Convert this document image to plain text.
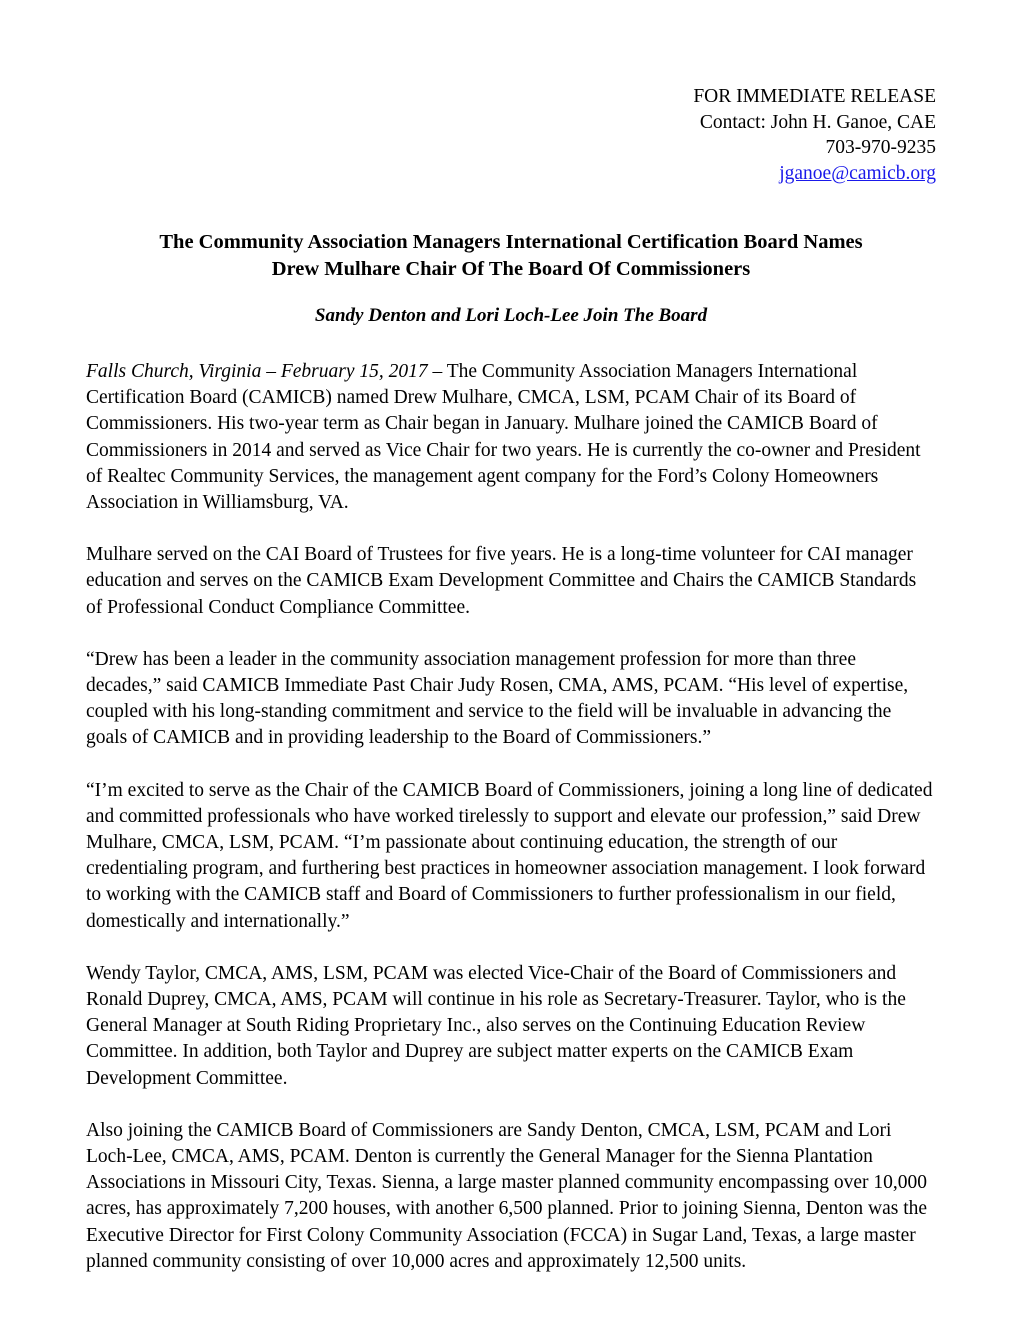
FOR IMMEDIATE RELEASE
Contact: John H. Ganoe, CAE
703-970-9235
jganoe@camicb.org
The Community Association Managers International Certification Board Names
Drew Mulhare Chair Of The Board Of Commissioners
Sandy Denton and Lori Loch-Lee Join The Board

Falls Church, Virginia – February 15, 2017 – The Community Association Managers International Certification Board (CAMICB) named Drew Mulhare, CMCA, LSM, PCAM Chair of its Board of Commissioners. His two-year term as Chair began in January. Mulhare joined the CAMICB Board of Commissioners in 2014 and served as Vice Chair for two years. He is currently the co-owner and President of Realtec Community Services, the management agent company for the Ford’s Colony Homeowners Association in Williamsburg, VA.

Mulhare served on the CAI Board of Trustees for five years. He is a long-time volunteer for CAI manager education and serves on the CAMICB Exam Development Committee and Chairs the CAMICB Standards of Professional Conduct Compliance Committee.

“Drew has been a leader in the community association management profession for more than three decades,” said CAMICB Immediate Past Chair Judy Rosen, CMA, AMS, PCAM. “His level of expertise, coupled with his long-standing commitment and service to the field will be invaluable in advancing the goals of CAMICB and in providing leadership to the Board of Commissioners.”

“I’m excited to serve as the Chair of the CAMICB Board of Commissioners, joining a long line of dedicated and committed professionals who have worked tirelessly to support and elevate our profession,” said Drew Mulhare, CMCA, LSM, PCAM. “I’m passionate about continuing education, the strength of our credentialing program, and furthering best practices in homeowner association management. I look forward to working with the CAMICB staff and Board of Commissioners to further professionalism in our field, domestically and internationally.”

Wendy Taylor, CMCA, AMS, LSM, PCAM was elected Vice-Chair of the Board of Commissioners and Ronald Duprey, CMCA, AMS, PCAM will continue in his role as Secretary-Treasurer. Taylor, who is the General Manager at South Riding Proprietary Inc., also serves on the Continuing Education Review Committee. In addition, both Taylor and Duprey are subject matter experts on the CAMICB Exam Development Committee.

Also joining the CAMICB Board of Commissioners are Sandy Denton, CMCA, LSM, PCAM and Lori Loch-Lee, CMCA, AMS, PCAM. Denton is currently the General Manager for the Sienna Plantation Associations in Missouri City, Texas. Sienna, a large master planned community encompassing over 10,000 acres, has approximately 7,200 houses, with another 6,500 planned. Prior to joining Sienna, Denton was the Executive Director for First Colony Community Association (FCCA) in Sugar Land, Texas, a large master planned community consisting of over 10,000 acres and approximately 12,500 units.
